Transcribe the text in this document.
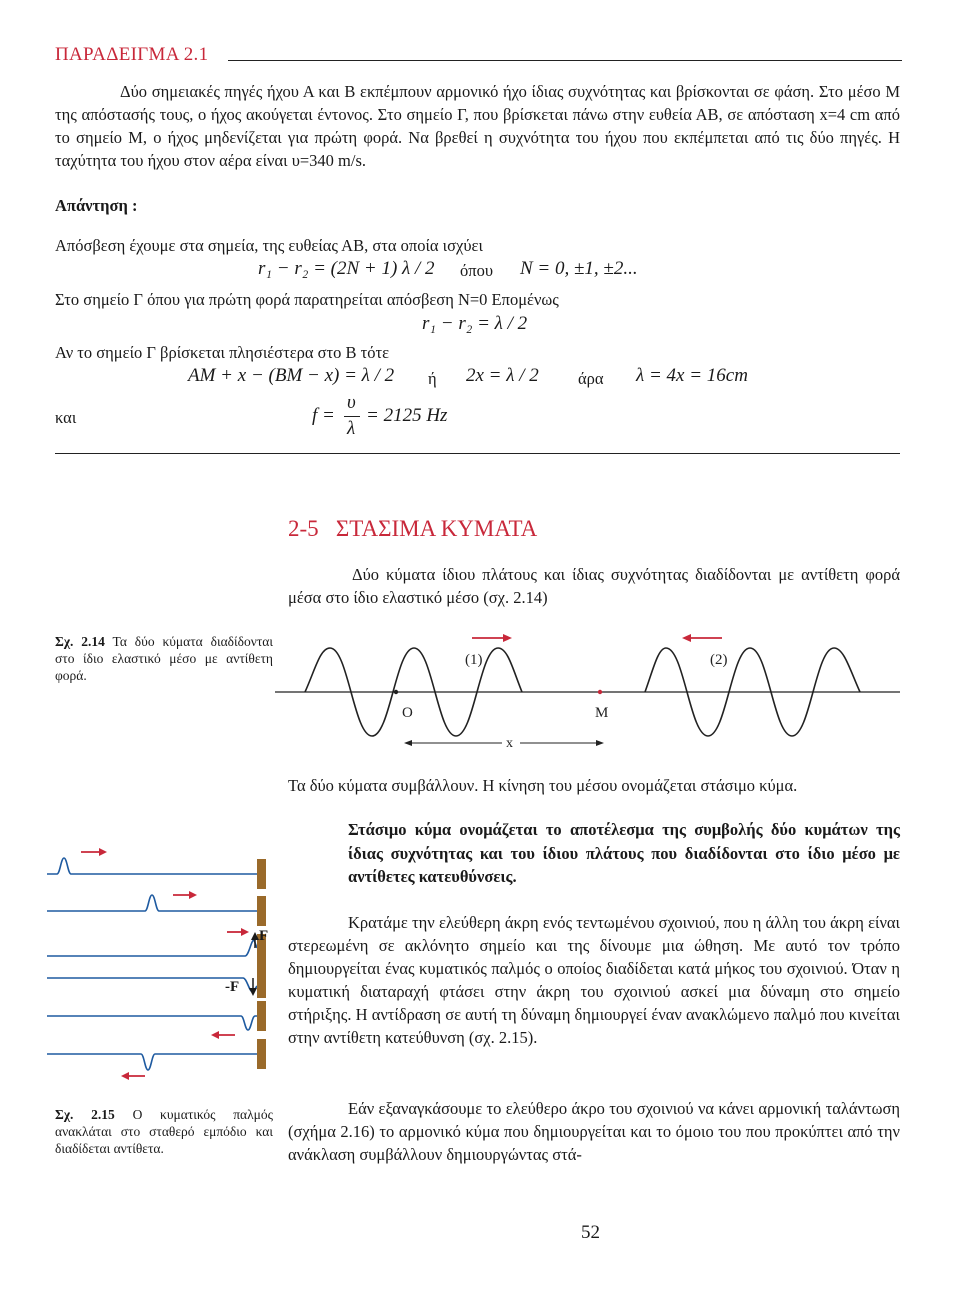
ΠΑΡΑΔΕΙΓΜΑ 2.1
Δύο σημειακές πηγές ήχου Α και Β εκπέμπουν αρμονικό ήχο ίδιας συχνότητας και βρίσκονται σε φάση. Στο μέσο Μ της απόστασής τους, ο ήχος ακούγεται έντονος. Στο σημείο Γ, που βρίσκεται πάνω στην ευθεία ΑΒ, σε απόσταση x=4 cm από το σημείο Μ, ο ήχος μηδενίζεται για πρώτη φορά. Να βρεθεί η συχνότητα του ήχου που εκπέμπεται από τις δύο πηγές. Η ταχύτητα του ήχου στον αέρα είναι υ=340 m/s.
Απάντηση :
Απόσβεση έχουμε στα σημεία, της ευθείας ΑΒ, στα οποία ισχύει
r₁ − r₂ = (2N + 1) λ / 2 όπου N = 0, ±1, ±2...
Στο σημείο Γ όπου για πρώτη φορά παρατηρείται απόσβεση N=0 Επομένως
r₁ − r₂ = λ / 2
Αν το σημείο Γ βρίσκεται πλησιέστερα στο Β τότε
AM + x − (BM − x) = λ / 2 ή 2x = λ / 2 άρα λ = 4x = 16cm
και	f =
υ
λ
= 2125 Hz
2-5   ΣΤΑΣΙΜΑ ΚΥΜΑΤΑ
Δύο κύματα ίδιου πλάτους και ίδιας συχνότητας διαδίδονται με αντίθετη φορά μέσα στο ίδιο ελαστικό μέσο (σχ. 2.14)
Σχ. 2.14 Τα δύο κύματα διαδίδονται στο ίδιο ελαστικό μέσο με αντίθετη φορά.
(1)	(2)
O	M
x
Τα δύο κύματα συμβάλλουν. Η κίνηση του μέσου ονομάζεται στάσιμο κύμα.
Στάσιμο κύμα ονομάζεται το αποτέλεσμα της συμβολής δύο κυμάτων της ίδιας συχνότητας και του ίδιου πλάτους που διαδίδονται στο ίδιο μέσο με αντίθετες κατευθύνσεις.
F
-F
Κρατάμε την ελεύθερη άκρη ενός τεντωμένου σχοινιού, που η άλλη του άκρη είναι στερεωμένη σε ακλόνητο σημείο και της δίνουμε μια ώθηση. Με αυτό τον τρόπο δημιουργείται ένας κυματικός παλμός ο οποίος διαδίδεται κατά μήκος του σχοινιού. Όταν η κυματική διαταραχή φτάσει στην άκρη του σχοινιού ασκεί μια δύναμη στο σημείο στήριξης. Η αντίδραση σε αυτή τη δύναμη δημιουργεί έναν ανακλώμενο παλμό που κινείται στην αντίθετη κατεύθυνση (σχ. 2.15).
Εάν εξαναγκάσουμε το ελεύθερο άκρο του σχοινιού να κάνει αρμονική ταλάντωση (σχήμα 2.16) το αρμονικό κύμα που δημιουργείται και το όμοιο του που προκύπτει από την ανάκλαση συμβάλλουν δημιουργώντας στά-
Σχ. 2.15 Ο κυματικός παλμός ανακλάται στο σταθερό εμπόδιο και διαδίδεται αντίθετα.
52
